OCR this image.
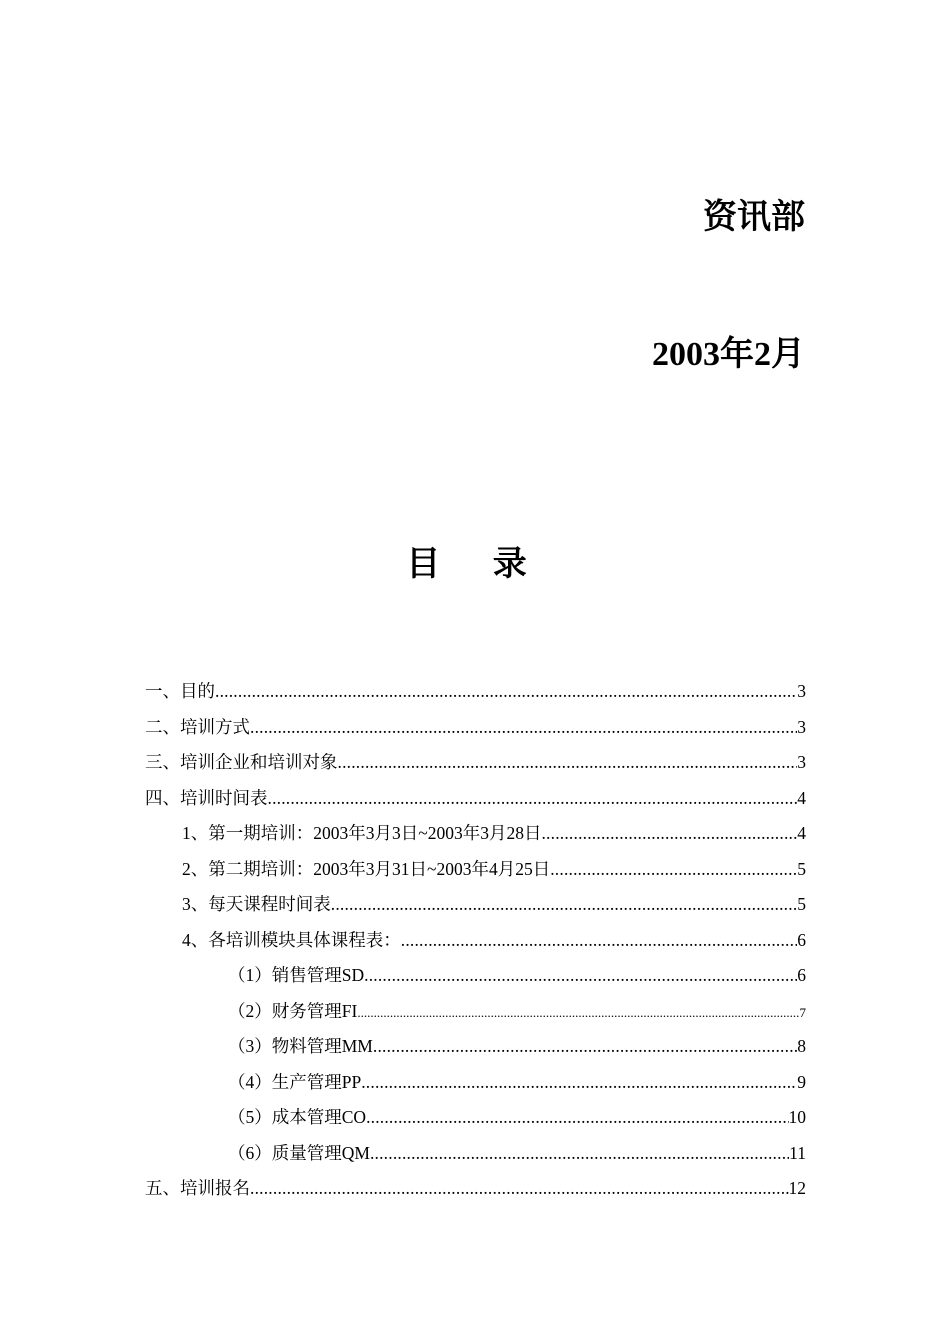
资讯部
2003年2月
目 录
一、目的 .....	3
二、培训方式 .....	3
三、培训企业和培训对象 .....	3
四、培训时间表 .....	4
1、第一期培训：2003年3月3日~2003年3月28日 .....	4
2、第二期培训：2003年3月31日~2003年4月25日 .....	5
3、每天课程时间表 .....	5
4、各培训模块具体课程表： .....	6
（1）销售管理SD .....	6
（2）财务管理FI .....	7
（3）物料管理MM .....	8
（4）生产管理PP .....	9
（5）成本管理CO .....	10
（6）质量管理QM .....	11
五、培训报名 .....	12
